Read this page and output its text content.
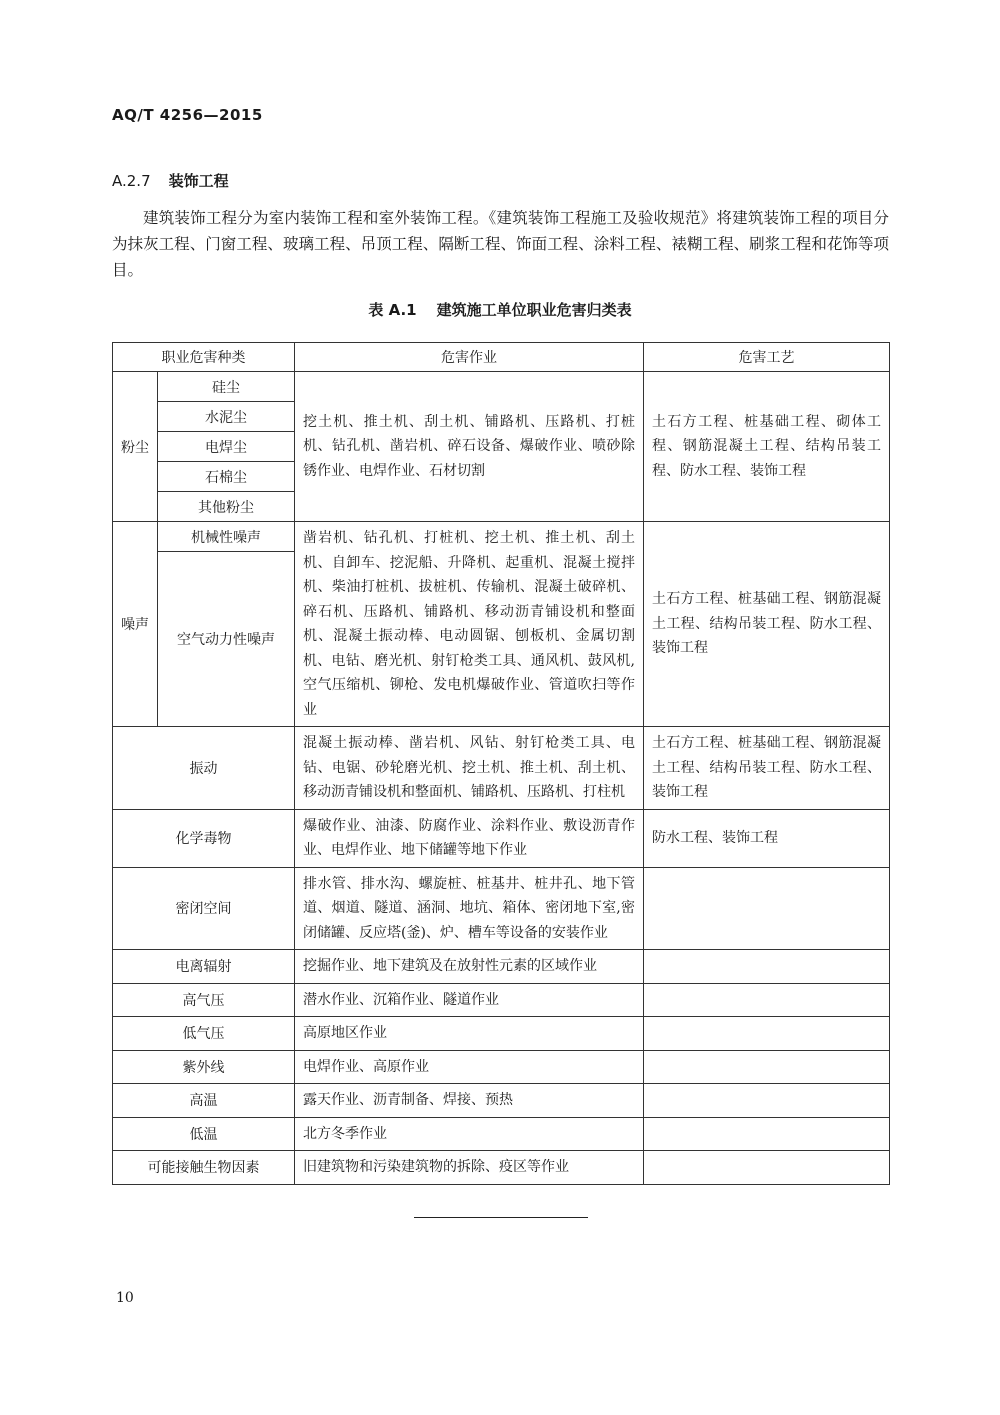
AQ/T 4256—2015
A.2.7 装饰工程
建筑装饰工程分为室内装饰工程和室外装饰工程。《建筑装饰工程施工及验收规范》将建筑装饰工程的项目分为抹灰工程、门窗工程、玻璃工程、吊顶工程、隔断工程、饰面工程、涂料工程、裱糊工程、刷浆工程和花饰等项目。
表 A.1 建筑施工单位职业危害归类表
职业危害种类		危害作业	危害工艺
粉尘	硅尘	挖土机、推土机、刮土机、铺路机、压路机、打桩机、钻孔机、凿岩机、碎石设备、爆破作业、喷砂除锈作业、电焊作业、石材切割	土石方工程、桩基础工程、砌体工程、钢筋混凝土工程、结构吊装工程、防水工程、装饰工程
	水泥尘		
	电焊尘		
	石棉尘		
	其他粉尘		
噪声	机械性噪声	凿岩机、钻孔机、打桩机、挖土机、推土机、刮土机、自卸车、挖泥船、升降机、起重机、混凝土搅拌机、柴油打桩机、拔桩机、传输机、混凝土破碎机、碎石机、压路机、铺路机、移动沥青铺设机和整面机、混凝土振动棒、电动圆锯、刨板机、金属切割机、电钻、磨光机、射钉枪类工具、通风机、鼓风机,空气压缩机、铆枪、发电机爆破作业、管道吹扫等作业	土石方工程、桩基础工程、钢筋混凝土工程、结构吊装工程、防水工程、装饰工程
	空气动力性噪声		
振动		混凝土振动棒、凿岩机、风钻、射钉枪类工具、电钻、电锯、砂轮磨光机、挖土机、推土机、刮土机、移动沥青铺设机和整面机、铺路机、压路机、打柱机	土石方工程、桩基础工程、钢筋混凝土工程、结构吊装工程、防水工程、装饰工程
化学毒物		爆破作业、油漆、防腐作业、涂料作业、敷设沥青作业、电焊作业、地下储罐等地下作业	防水工程、装饰工程
密闭空间		排水管、排水沟、螺旋桩、桩基井、桩井孔、地下管道、烟道、隧道、涵洞、地坑、箱体、密闭地下室,密闭储罐、反应塔(釜)、炉、槽车等设备的安装作业	
电离辐射		挖掘作业、地下建筑及在放射性元素的区域作业	
高气压		潜水作业、沉箱作业、隧道作业	
低气压		高原地区作业	
紫外线		电焊作业、高原作业	
高温		露天作业、沥青制备、焊接、预热	
低温		北方冬季作业	
可能接触生物因素		旧建筑物和污染建筑物的拆除、疫区等作业	
10
